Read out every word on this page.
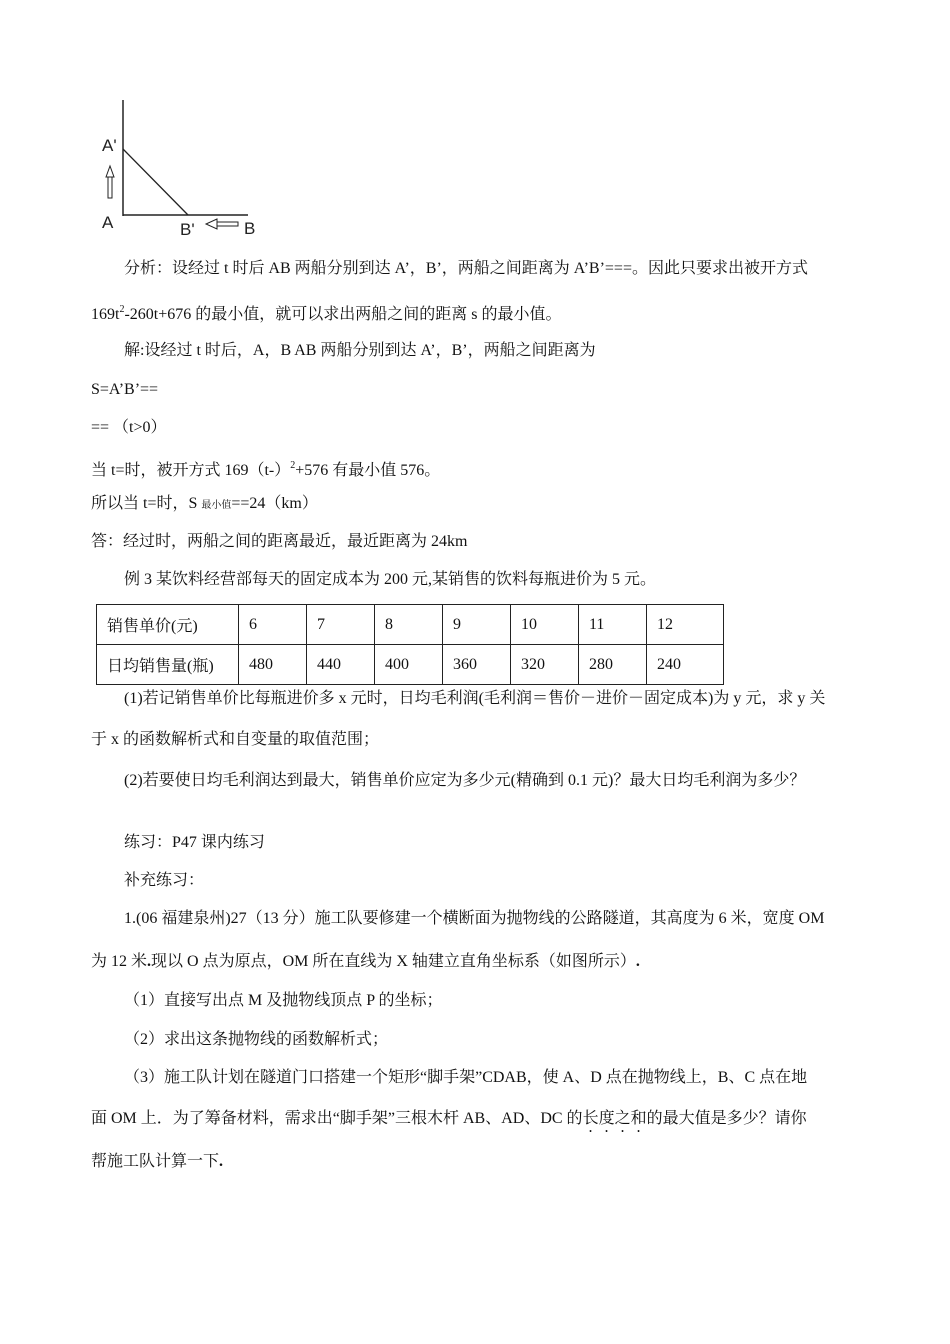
A'
A	B'	B
分析：设经过 t 时后 AB 两船分别到达 A’，B’，两船之间距离为 A’B’===。因此只要求出被开方式
$169t^2-260t+676$ 的最小值，就可以求出两船之间的距离 s 的最小值。
解:设经过 t 时后，A，B AB 两船分别到达 A’，B’，两船之间距离为
S=A’B’==
== （t>0）
当 t=时，被开方式 $169(t-)^2+576$ 有最小值 576。
所以当 t=时，S 最小值==24（km）
答：经过时，两船之间的距离最近，最近距离为 24km
例 3 某饮料经营部每天的固定成本为 200 元,某销售的饮料每瓶进价为 5 元。
销售单价(元)	6	7	8	9	10	11	12
日均销售量(瓶)	480	440	400	360	320	280	240
(1)若记销售单价比每瓶进价多 x 元时，日均毛利润(毛利润＝售价－进价－固定成本)为 y 元，求 y 关
于 x 的函数解析式和自变量的取值范围；
(2)若要使日均毛利润达到最大，销售单价应定为多少元(精确到 0.1 元)？最大日均毛利润为多少？
练习：P47 课内练习
补充练习：
1.(06 福建泉州)27（13 分）施工队要修建一个横断面为抛物线的公路隧道，其高度为 6 米，宽度 OM
为 12 米.现以 O 点为原点，OM 所在直线为 X 轴建立直角坐标系（如图所示）.
（1）直接写出点 M 及抛物线顶点 P 的坐标；
（2）求出这条抛物线的函数解析式；
（3）施工队计划在隧道门口搭建一个矩形“脚手架”CDAB，使 A、D 点在抛物线上，B、C 点在地
面 OM 上．为了筹备材料，需求出“脚手架”三根木杆 AB、AD、DC 的长度之和的最大值是多少？请你
帮施工队计算一下.
